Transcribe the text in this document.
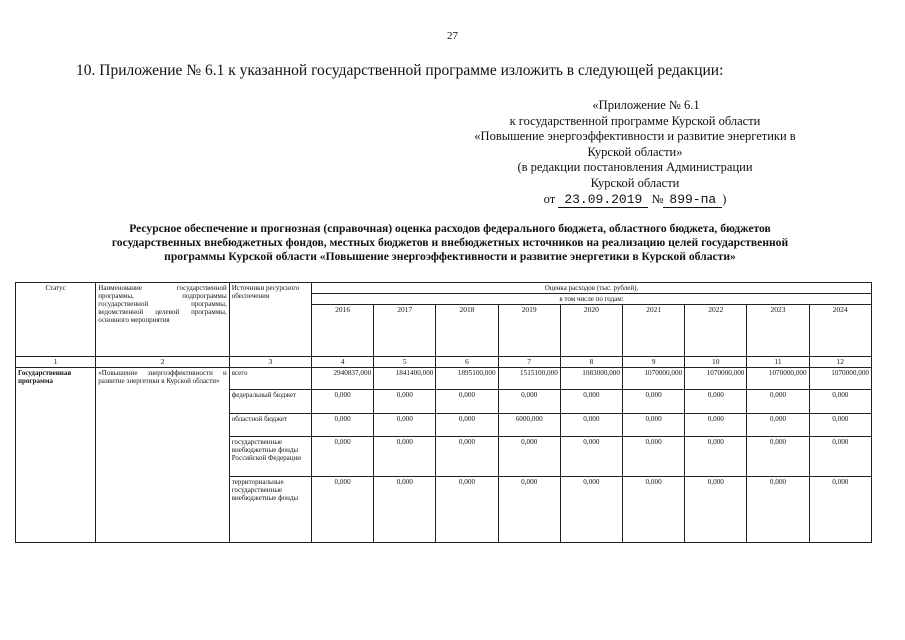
27
10. Приложение № 6.1 к указанной государственной программе изложить в следующей редакции:
«Приложение № 6.1
к государственной программе Курской области
«Повышение энергоэффективности и развитие энергетики в
Курской области»
(в редакции постановления Администрации
Курской области
от 23.09.2019 № 899-па )
Ресурсное обеспечение и прогнозная (справочная) оценка расходов федерального бюджета, областного бюджета, бюджетов
государственных внебюджетных фондов, местных бюджетов и внебюджетных источников на реализацию целей государственной
программы Курской области «Повышение энергоэффективности и развитие энергетики в Курской области»
Статус	Наименование государственной программы, подпрограммы государственной программы, ведомственной целевой программы, основного мероприятия	Источники ресурсного обеспечения	Оценка расходов (тыс. рублей),								
			в том числе по годам:								
			2016	2017	2018	2019	2020	2021	2022	2023	2024
1	2	3	4	5	6	7	8	9	10	11	12
Государственная программа	«Повышение энергоэффективности и развитие энергетики в Курской области»	всего	2940837,000	1841400,000	1895100,000	1515100,000	1083000,000	1070000,000	1070000,000	1070000,000	1070000,000
		федеральный бюджет	0,000	0,000	0,000	0,000	0,000	0,000	0,000	0,000	0,000
		областной бюджет	0,000	0,000	0,000	6000,000	0,000	0,000	0,000	0,000	0,000
		государственные внебюджетные фонды Российской Федерации	0,000	0,000	0,000	0,000	0,000	0,000	0,000	0,000	0,000
		территориальные государственные внебюджетные фонды	0,000	0,000	0,000	0,000	0,000	0,000	0,000	0,000	0,000
